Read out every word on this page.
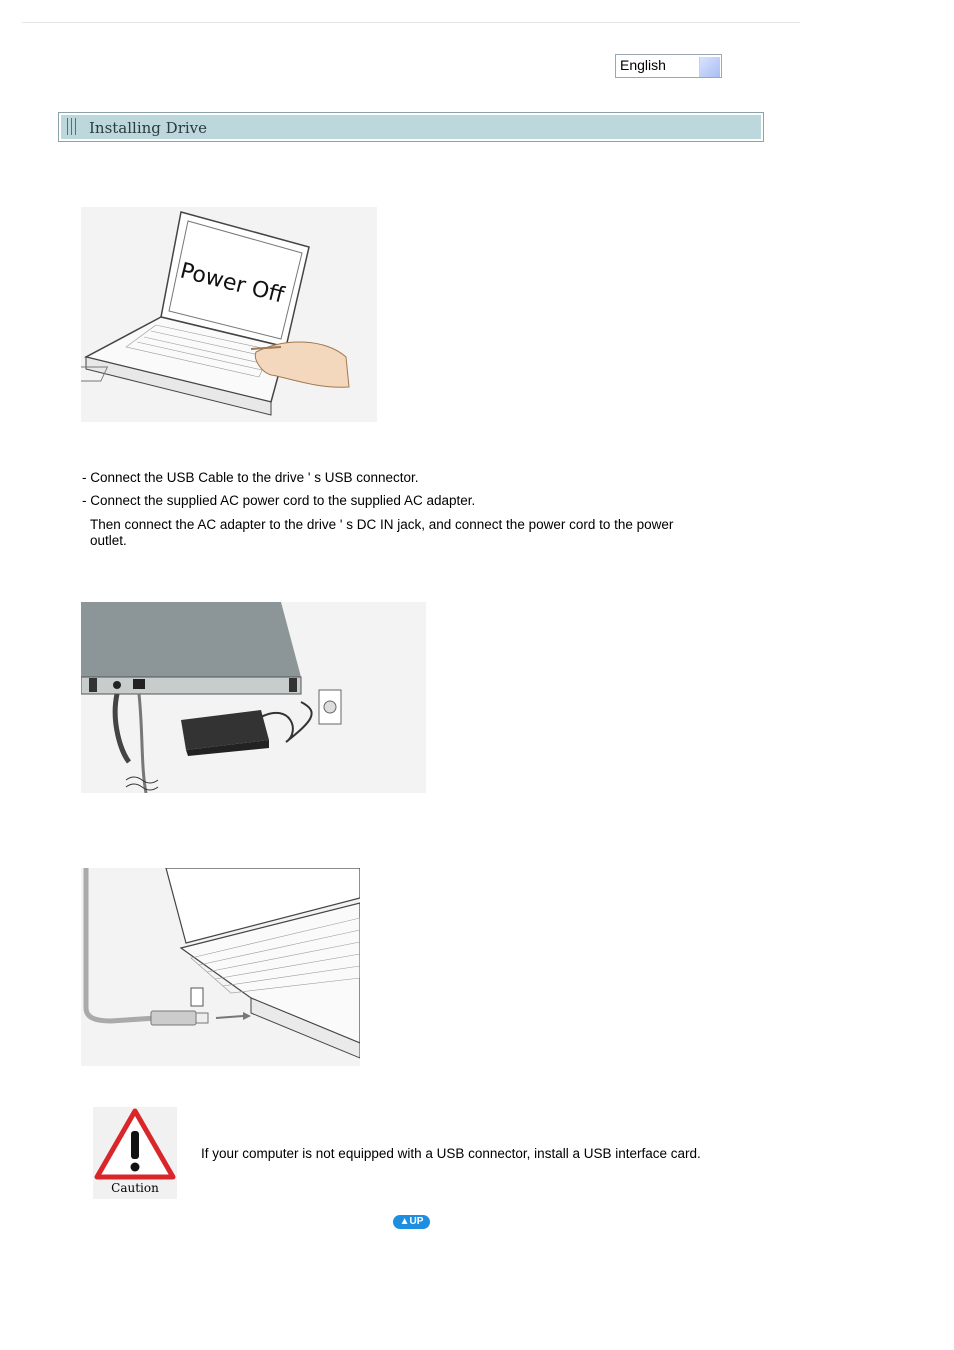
English
Installing Drive
Power Off
- Connect the USB Cable to the drive ' s USB connector.
- Connect the supplied AC power cord to the supplied AC adapter.
Then connect the AC adapter to the drive ' s DC IN jack, and connect the power cord to the power outlet.
Caution
If your computer is not equipped with a USB connector, install a USB interface card.
▲UP
